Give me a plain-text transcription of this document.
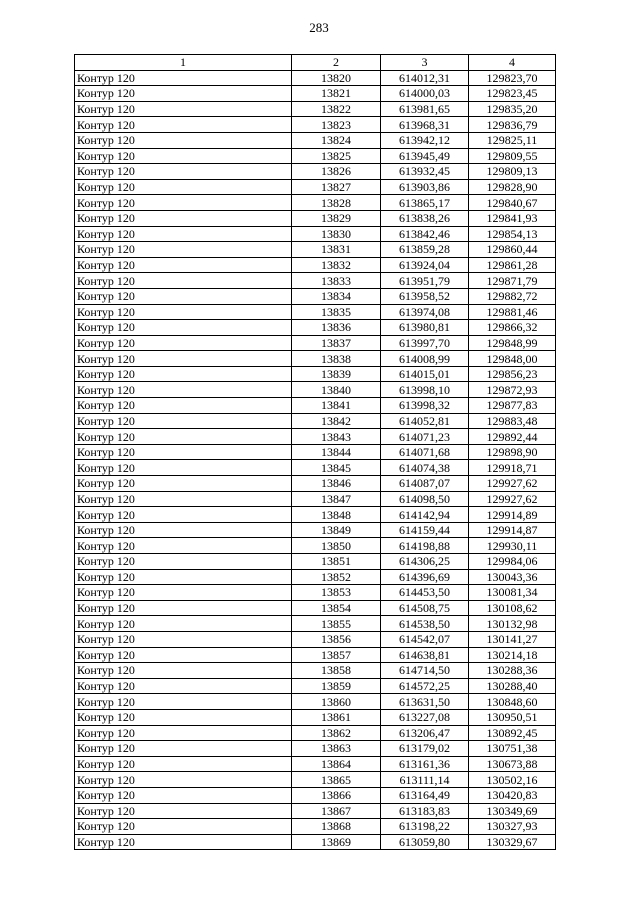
283
1	2	3	4
Контур 120	13820	614012,31	129823,70
Контур 120	13821	614000,03	129823,45
Контур 120	13822	613981,65	129835,20
Контур 120	13823	613968,31	129836,79
Контур 120	13824	613942,12	129825,11
Контур 120	13825	613945,49	129809,55
Контур 120	13826	613932,45	129809,13
Контур 120	13827	613903,86	129828,90
Контур 120	13828	613865,17	129840,67
Контур 120	13829	613838,26	129841,93
Контур 120	13830	613842,46	129854,13
Контур 120	13831	613859,28	129860,44
Контур 120	13832	613924,04	129861,28
Контур 120	13833	613951,79	129871,79
Контур 120	13834	613958,52	129882,72
Контур 120	13835	613974,08	129881,46
Контур 120	13836	613980,81	129866,32
Контур 120	13837	613997,70	129848,99
Контур 120	13838	614008,99	129848,00
Контур 120	13839	614015,01	129856,23
Контур 120	13840	613998,10	129872,93
Контур 120	13841	613998,32	129877,83
Контур 120	13842	614052,81	129883,48
Контур 120	13843	614071,23	129892,44
Контур 120	13844	614071,68	129898,90
Контур 120	13845	614074,38	129918,71
Контур 120	13846	614087,07	129927,62
Контур 120	13847	614098,50	129927,62
Контур 120	13848	614142,94	129914,89
Контур 120	13849	614159,44	129914,87
Контур 120	13850	614198,88	129930,11
Контур 120	13851	614306,25	129984,06
Контур 120	13852	614396,69	130043,36
Контур 120	13853	614453,50	130081,34
Контур 120	13854	614508,75	130108,62
Контур 120	13855	614538,50	130132,98
Контур 120	13856	614542,07	130141,27
Контур 120	13857	614638,81	130214,18
Контур 120	13858	614714,50	130288,36
Контур 120	13859	614572,25	130288,40
Контур 120	13860	613631,50	130848,60
Контур 120	13861	613227,08	130950,51
Контур 120	13862	613206,47	130892,45
Контур 120	13863	613179,02	130751,38
Контур 120	13864	613161,36	130673,88
Контур 120	13865	613111,14	130502,16
Контур 120	13866	613164,49	130420,83
Контур 120	13867	613183,83	130349,69
Контур 120	13868	613198,22	130327,93
Контур 120	13869	613059,80	130329,67
